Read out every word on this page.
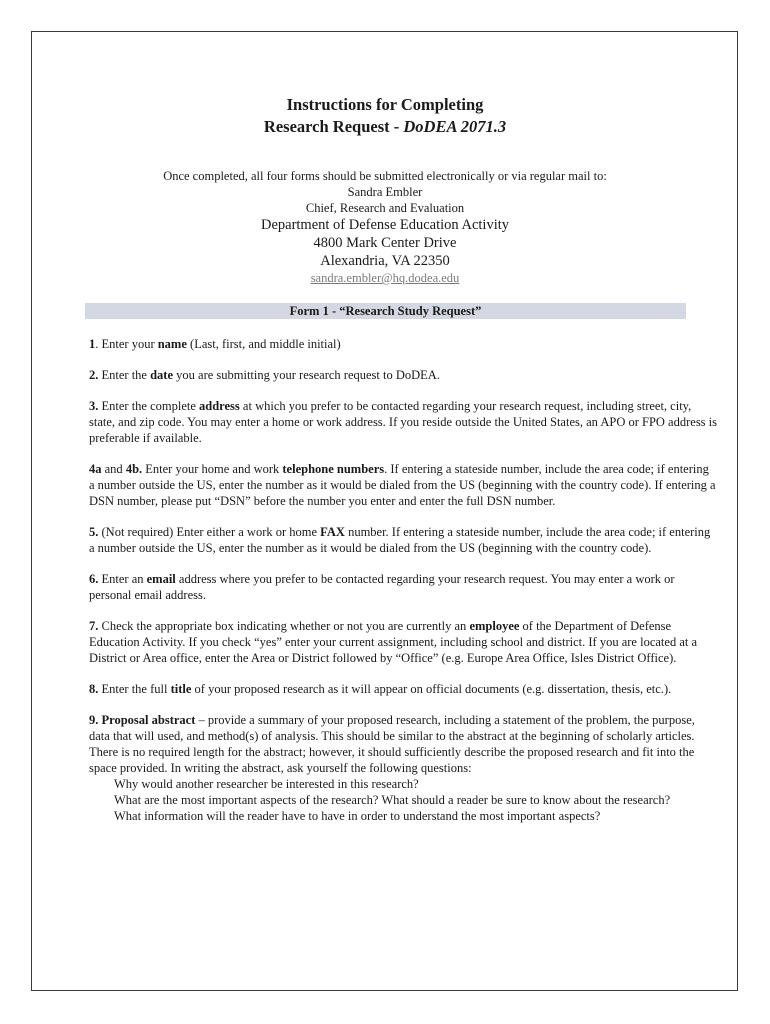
Instructions for Completing
Research Request - DoDEA 2071.3
Once completed, all four forms should be submitted electronically or via regular mail to:
Sandra Embler
Chief, Research and Evaluation
Department of Defense Education Activity
4800 Mark Center Drive
Alexandria, VA 22350
sandra.embler@hq.dodea.edu
Form 1 - “Research Study Request”

1. Enter your name (Last, first, and middle initial)

2. Enter the date you are submitting your research request to DoDEA.

3. Enter the complete address at which you prefer to be contacted regarding your research request, including street, city, state, and zip code. You may enter a home or work address. If you reside outside the United States, an APO or FPO address is preferable if available.

4a and 4b. Enter your home and work telephone numbers. If entering a stateside number, include the area code; if entering a number outside the US, enter the number as it would be dialed from the US (beginning with the country code). If entering a DSN number, please put “DSN” before the number you enter and enter the full DSN number.

5. (Not required) Enter either a work or home FAX number. If entering a stateside number, include the area code; if entering a number outside the US, enter the number as it would be dialed from the US (beginning with the country code).

6. Enter an email address where you prefer to be contacted regarding your research request. You may enter a work or personal email address.

7. Check the appropriate box indicating whether or not you are currently an employee of the Department of Defense Education Activity. If you check “yes” enter your current assignment, including school and district. If you are located at a District or Area office, enter the Area or District followed by “Office” (e.g. Europe Area Office, Isles District Office).

8. Enter the full title of your proposed research as it will appear on official documents (e.g. dissertation, thesis, etc.).

9. Proposal abstract – provide a summary of your proposed research, including a statement of the problem, the purpose, data that will used, and method(s) of analysis. This should be similar to the abstract at the beginning of scholarly articles. There is no required length for the abstract; however, it should sufficiently describe the proposed research and fit into the space provided. In writing the abstract, ask yourself the following questions:

Why would another researcher be interested in this research?

What are the most important aspects of the research? What should a reader be sure to know about the research?

What information will the reader have to have in order to understand the most important aspects?
